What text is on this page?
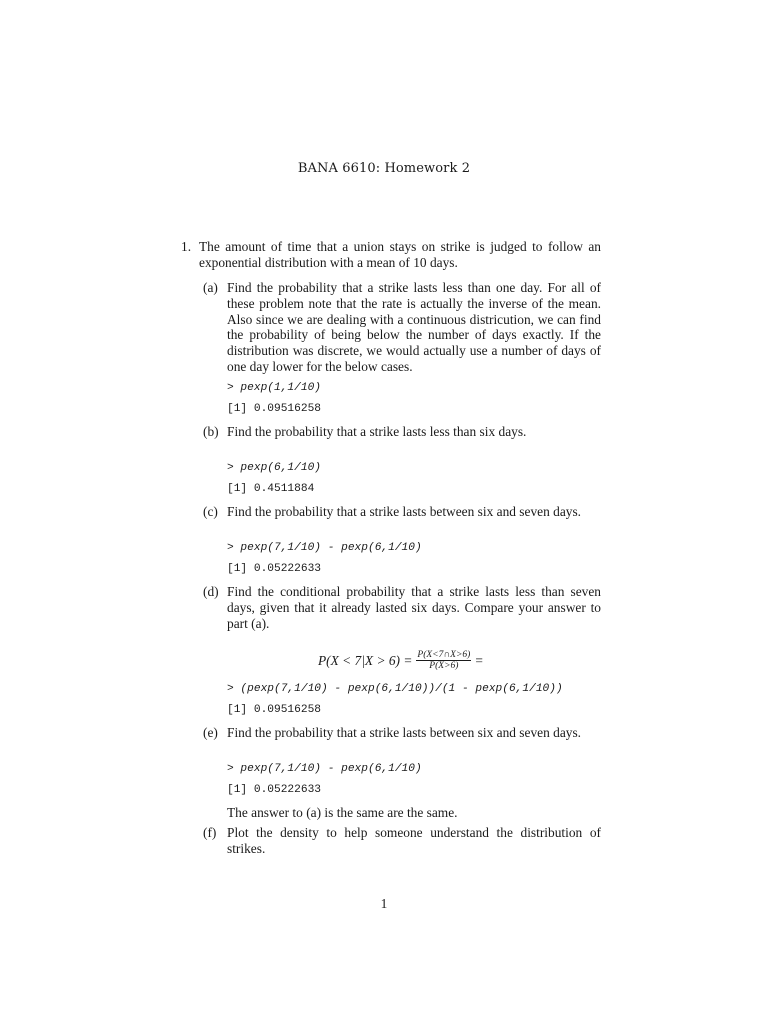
BANA 6610: Homework 2
1. The amount of time that a union stays on strike is judged to follow an exponential distribution with a mean of 10 days.
(a) Find the probability that a strike lasts less than one day. For all of these problem note that the rate is actually the inverse of the mean. Also since we are dealing with a continuous districution, we can find the probability of being below the number of days exactly. If the distribution was discrete, we would actually use a number of days of one day lower for the below cases.
> pexp(1,1/10)
[1] 0.09516258
(b) Find the probability that a strike lasts less than six days.
> pexp(6,1/10)
[1] 0.4511884
(c) Find the probability that a strike lasts between six and seven days.
> pexp(7,1/10) - pexp(6,1/10)
[1] 0.05222633
(d) Find the conditional probability that a strike lasts less than seven days, given that it already lasted six days. Compare your answer to part (a).
$P(X < 7|X > 6) = \frac{P(X<7\cap X>6)}{P(X>6)}$ =
> (pexp(7,1/10) - pexp(6,1/10))/(1 - pexp(6,1/10))
[1] 0.09516258
(e) Find the probability that a strike lasts between six and seven days.
> pexp(7,1/10) - pexp(6,1/10)
[1] 0.05222633
The answer to (a) is the same are the same.
(f) Plot the density to help someone understand the distribution of strikes.
1
